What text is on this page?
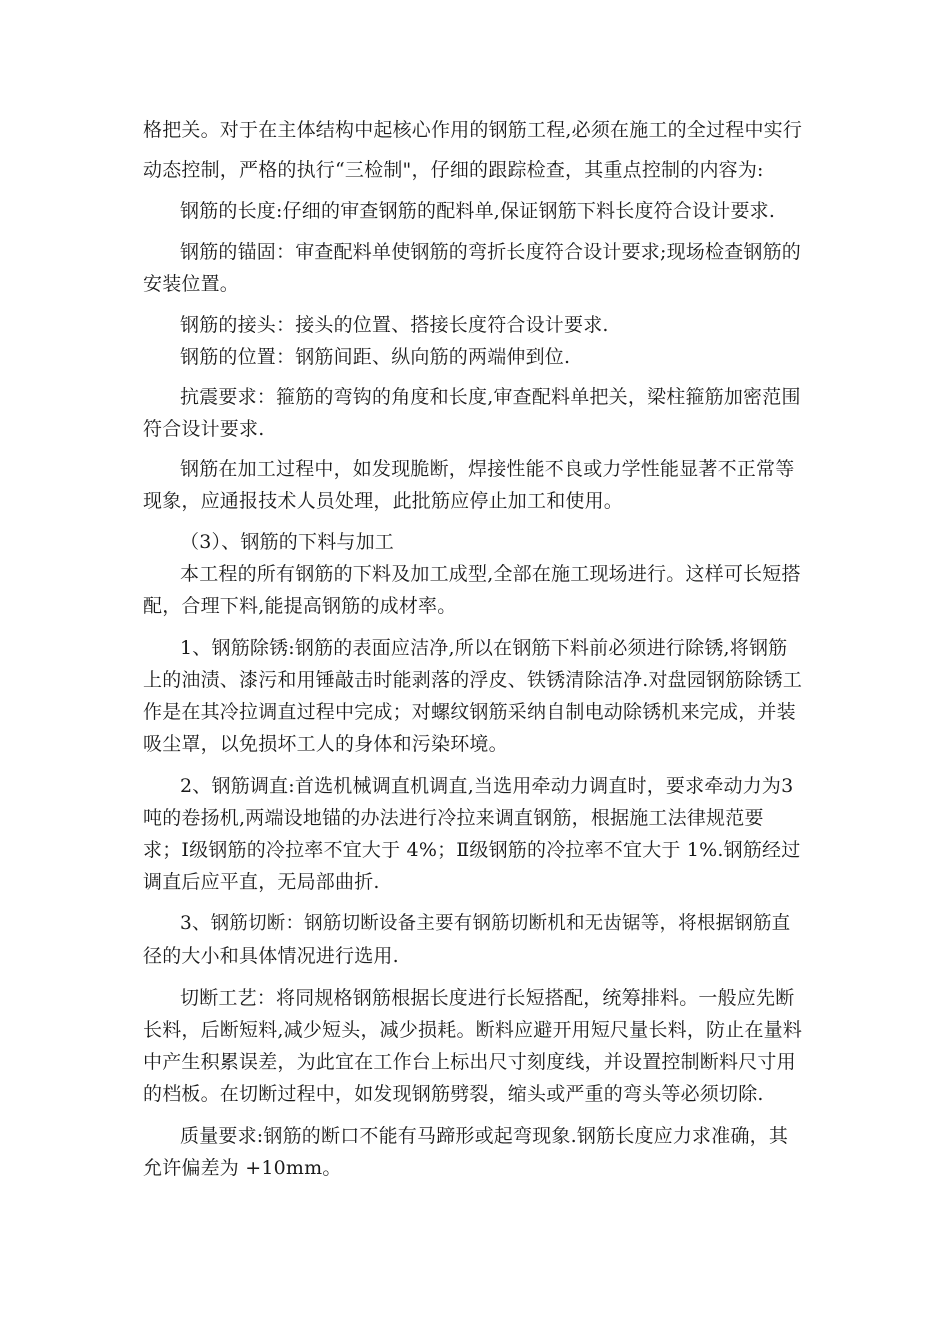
格把关。对于在主体结构中起核心作用的钢筋工程,必须在施工的全过程中实行
动态控制，严格的执行“三检制"，仔细的跟踪检查，其重点控制的内容为:
钢筋的长度:仔细的审查钢筋的配料单,保证钢筋下料长度符合设计要求.
钢筋的锚固：审查配料单使钢筋的弯折长度符合设计要求;现场检查钢筋的
安装位置。
钢筋的接头：接头的位置、搭接长度符合设计要求.
钢筋的位置：钢筋间距、纵向筋的两端伸到位.
抗震要求：箍筋的弯钩的角度和长度,审查配料单把关，梁柱箍筋加密范围
符合设计要求.
钢筋在加工过程中，如发现脆断，焊接性能不良或力学性能显著不正常等
现象，应通报技术人员处理，此批筋应停止加工和使用。
（3）、钢筋的下料与加工
本工程的所有钢筋的下料及加工成型,全部在施工现场进行。这样可长短搭
配，合理下料,能提高钢筋的成材率。
1、钢筋除锈:钢筋的表面应洁净,所以在钢筋下料前必须进行除锈,将钢筋
上的油渍、漆污和用锤敲击时能剥落的浮皮、铁锈清除洁净.对盘园钢筋除锈工
作是在其冷拉调直过程中完成；对螺纹钢筋采纳自制电动除锈机来完成，并装
吸尘罩，以免损坏工人的身体和污染环境。
2、钢筋调直:首选机械调直机调直,当选用牵动力调直时，要求牵动力为3
吨的卷扬机,两端设地锚的办法进行冷拉来调直钢筋，根据施工法律规范要
求；Ⅰ级钢筋的冷拉率不宜大于 4%；Ⅱ级钢筋的冷拉率不宜大于 1%.钢筋经过
调直后应平直，无局部曲折.
3、钢筋切断：钢筋切断设备主要有钢筋切断机和无齿锯等，将根据钢筋直
径的大小和具体情况进行选用.
切断工艺：将同规格钢筋根据长度进行长短搭配，统筹排料。一般应先断
长料，后断短料,减少短头，减少损耗。断料应避开用短尺量长料，防止在量料
中产生积累误差，为此宜在工作台上标出尺寸刻度线，并设置控制断料尺寸用
的档板。在切断过程中，如发现钢筋劈裂，缩头或严重的弯头等必须切除.
质量要求:钢筋的断口不能有马蹄形或起弯现象.钢筋长度应力求准确，其
允许偏差为 +10mm。
